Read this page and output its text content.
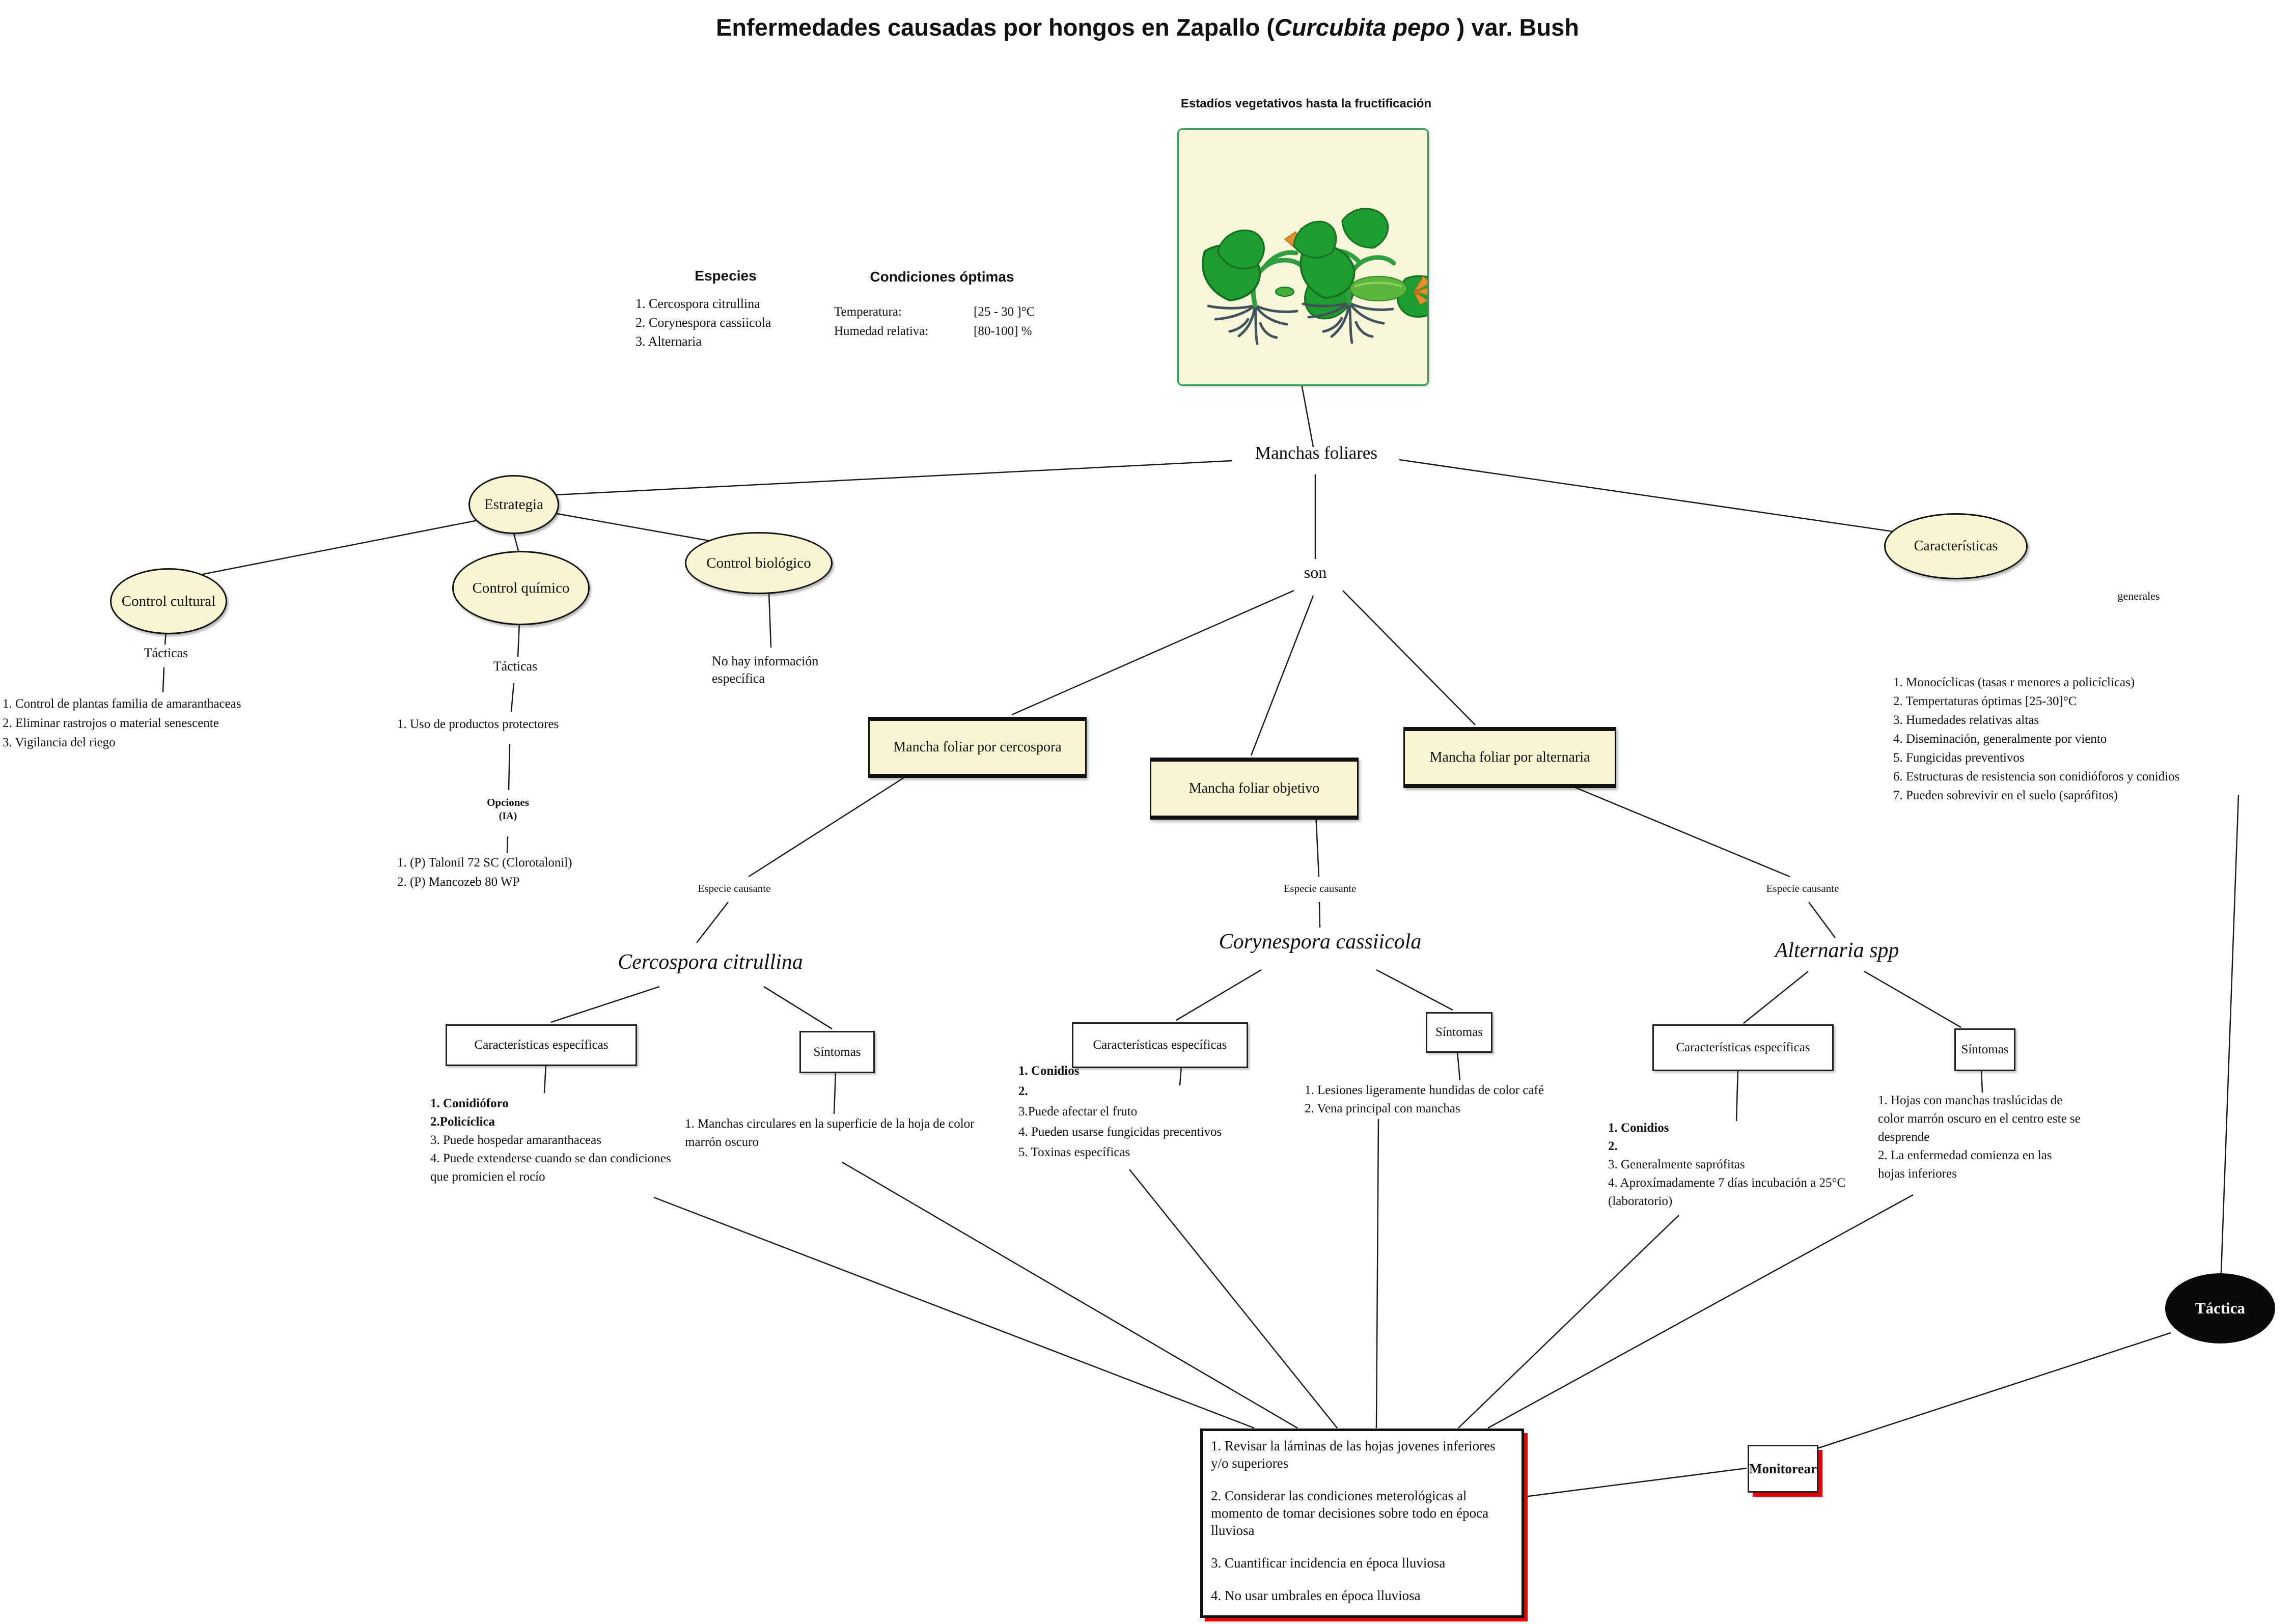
Enfermedades causadas por hongos en Zapallo (Curcubita pepo ) var. Bush
Estadíos vegetativos hasta la fructificación
Especies
1. Cercospora citrullina
2. Corynespora cassiicola
3. Alternaria
Condiciones óptimas
Temperatura:	[25 - 30 ]°C
Humedad relativa:	[80-100] %
Manchas foliares
son
Estrategia
Control cultural
Control químico
Control biológico
Características
Tácticas
1. Control de plantas familia de amaranthaceas
2. Eliminar rastrojos o material senescente
3. Vigilancia del riego
Tácticas
1. Uso de productos protectores
Opciones
(IA)
1. (P) Talonil 72 SC (Clorotalonil)
2. (P) Mancozeb 80 WP
No hay información específica
generales
1. Monocíclicas (tasas r menores a policíclicas)
2. Tempertaturas óptimas [25-30]°C
3. Humedades relativas altas
4. Diseminación, generalmente por viento
5. Fungicidas preventivos
6. Estructuras de resistencia son conidióforos y conidios
7. Pueden sobrevivir en el suelo (saprófitos)
Mancha foliar por cercospora
Mancha foliar objetivo
Mancha foliar por alternaria
Especie causante	Especie causante	Especie causante
Cercospora citrullina
Corynespora cassiicola	Alternaria spp
Características específicas	Síntomas	Características específicas
Síntomas
Características específicas	Síntomas
1. Conidióforo
2.Policíclica
3. Puede hospedar amaranthaceas
4. Puede extenderse cuando se dan condiciones que promicien el rocío
1. Manchas circulares en la superficie de la hoja de color marrón oscuro
1. Conidios
2.
3.Puede afectar el fruto
4. Pueden usarse fungicidas precentivos
5. Toxinas específicas
1. Lesiones ligeramente hundidas de color café
2. Vena principal con manchas
1. Conidios
2.
3. Generalmente saprófitas
4. Aproxímadamente 7 días incubación a 25°C (laboratorio)
1. Hojas con manchas traslúcidas de color marrón oscuro en el centro este se desprende
2. La enfermedad comienza en las hojas inferiores
Táctica
Monitorear

1. Revisar la láminas de las hojas jovenes inferiores y/o superiores

2. Considerar las condiciones meterológicas al momento de tomar decisiones sobre todo en época lluviosa

3. Cuantificar incidencia en época lluviosa

4. No usar umbrales en época lluviosa
